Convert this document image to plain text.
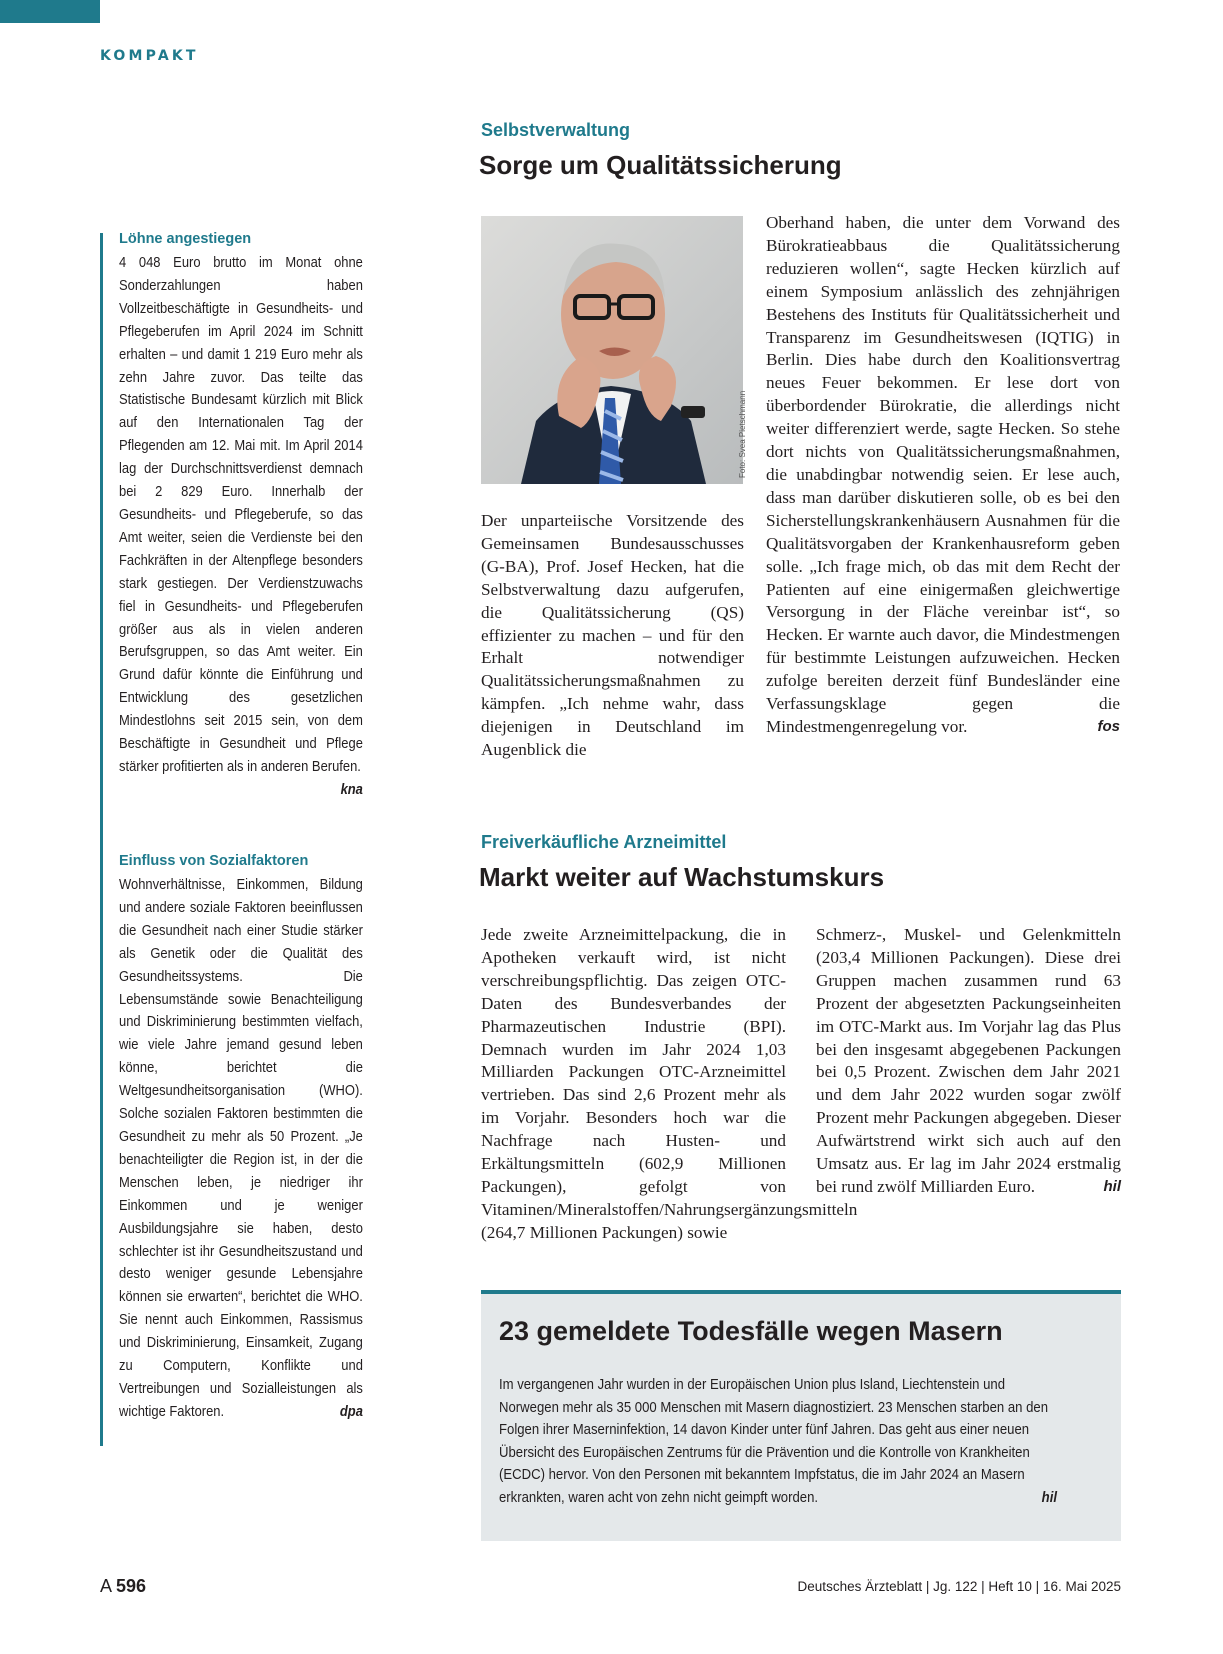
KOMPAKT
Löhne angestiegen

4 048 Euro brutto im Monat ohne Sonderzahlungen haben Vollzeitbeschäftigte in Gesundheits- und Pflegeberufen im April 2024 im Schnitt erhalten – und damit 1 219 Euro mehr als zehn Jahre zuvor. Das teilte das Statistische Bundesamt kürzlich mit Blick auf den Internationalen Tag der Pflegenden am 12. Mai mit. Im April 2014 lag der Durchschnittsverdienst demnach bei 2 829 Euro. Innerhalb der Gesundheits- und Pflegeberufe, so das Amt weiter, seien die Verdienste bei den Fachkräften in der Altenpflege besonders stark gestiegen. Der Verdienstzuwachs fiel in Gesundheits- und Pflegeberufen größer aus als in vielen anderen Berufsgruppen, so das Amt weiter. Ein Grund dafür könnte die Einführung und Entwicklung des gesetzlichen Mindestlohns seit 2015 sein, von dem Beschäftigte in Gesundheit und Pflege stärker profitierten als in anderen Berufen.
kna

Einfluss von Sozialfaktoren

Wohnverhältnisse, Einkommen, Bildung und andere soziale Faktoren beeinflussen die Gesundheit nach einer Studie stärker als Genetik oder die Qualität des Gesundheitssystems. Die Lebensumstände sowie Benachteiligung und Diskriminierung bestimmten vielfach, wie viele Jahre jemand gesund leben könne, berichtet die Weltgesundheitsorganisation (WHO). Solche sozialen Faktoren bestimmten die Gesundheit zu mehr als 50 Prozent. „Je benachteiligter die Region ist, in der die Menschen leben, je niedriger ihr Einkommen und je weniger Ausbildungsjahre sie haben, desto schlechter ist ihr Gesundheitszustand und desto weniger gesunde Lebensjahre können sie erwarten“, berichtet die WHO. Sie nennt auch Einkommen, Rassismus und Diskriminierung, Einsamkeit, Zugang zu Computern, Konflikte und Vertreibungen und Sozialleistungen als wichtige Faktoren.	dpa

Selbstverwaltung
Sorge um Qualitätssicherung
Foto: Svea Pietschmann

Der unparteiische Vorsitzende des Gemeinsamen Bundesausschusses (G-BA), Prof. Josef Hecken, hat die Selbstverwaltung dazu aufgerufen, die Qualitätssicherung (QS) effizienter zu machen – und für den Erhalt notwendiger Qualitätssicherungsmaßnahmen zu kämpfen. „Ich nehme wahr, dass diejenigen in Deutschland im Augenblick die

Oberhand haben, die unter dem Vorwand des Bürokratieabbaus die Qualitätssicherung reduzieren wollen“, sagte Hecken kürzlich auf einem Symposium anlässlich des zehnjährigen Bestehens des Instituts für Qualitätssicherheit und Transparenz im Gesundheitswesen (IQTIG) in Berlin. Dies habe durch den Koalitionsvertrag neues Feuer bekommen. Er lese dort von überbordender Bürokratie, die allerdings nicht weiter differenziert werde, sagte Hecken. So stehe dort nichts von Qualitätssicherungsmaßnahmen, die unabdingbar notwendig seien. Er lese auch, dass man darüber diskutieren solle, ob es bei den Sicherstellungskrankenhäusern Ausnahmen für die Qualitätsvorgaben der Krankenhausreform geben solle. „Ich frage mich, ob das mit dem Recht der Patienten auf eine einigermaßen gleichwertige Versorgung in der Fläche vereinbar ist“, so Hecken. Er warnte auch davor, die Mindestmengen für bestimmte Leistungen aufzuweichen. Hecken zufolge bereiten derzeit fünf Bundesländer eine Verfassungsklage gegen die Mindestmengenregelung vor.	fos

Freiverkäufliche Arzneimittel
Markt weiter auf Wachstumskurs

Jede zweite Arzneimittelpackung, die in Apotheken verkauft wird, ist nicht verschreibungspflichtig. Das zeigen OTC-Daten des Bundesverbandes der Pharmazeutischen Industrie (BPI). Demnach wurden im Jahr 2024 1,03 Milliarden Packungen OTC-Arzneimittel vertrieben. Das sind 2,6 Prozent mehr als im Vorjahr. Besonders hoch war die Nachfrage nach Husten- und Erkältungsmitteln (602,9 Millionen Packungen), gefolgt von Vitaminen/Mineralstoffen/Nahrungsergänzungsmitteln (264,7 Millionen Packungen) sowie

Schmerz-, Muskel- und Gelenkmitteln (203,4 Millionen Packungen). Diese drei Gruppen machen zusammen rund 63 Prozent der abgesetzten Packungseinheiten im OTC-Markt aus. Im Vorjahr lag das Plus bei den insgesamt abgegebenen Packungen bei 0,5 Prozent. Zwischen dem Jahr 2021 und dem Jahr 2022 wurden sogar zwölf Prozent mehr Packungen abgegeben. Dieser Aufwärtstrend wirkt sich auch auf den Umsatz aus. Er lag im Jahr 2024 erstmalig bei rund zwölf Milliarden Euro.	hil

23 gemeldete Todesfälle wegen Masern

Im vergangenen Jahr wurden in der Europäischen Union plus Island, Liechtenstein und Norwegen mehr als 35 000 Menschen mit Masern diagnostiziert. 23 Menschen starben an den Folgen ihrer Maserninfektion, 14 davon Kinder unter fünf Jahren. Das geht aus einer neuen Übersicht des Europäischen Zentrums für die Prävention und die Kontrolle von Krankheiten (ECDC) hervor. Von den Personen mit bekanntem Impfstatus, die im Jahr 2024 an Masern erkrankten, waren acht von zehn nicht geimpft worden.	hil

A 596	Deutsches Ärzteblatt | Jg. 122 | Heft 10 | 16. Mai 2025
